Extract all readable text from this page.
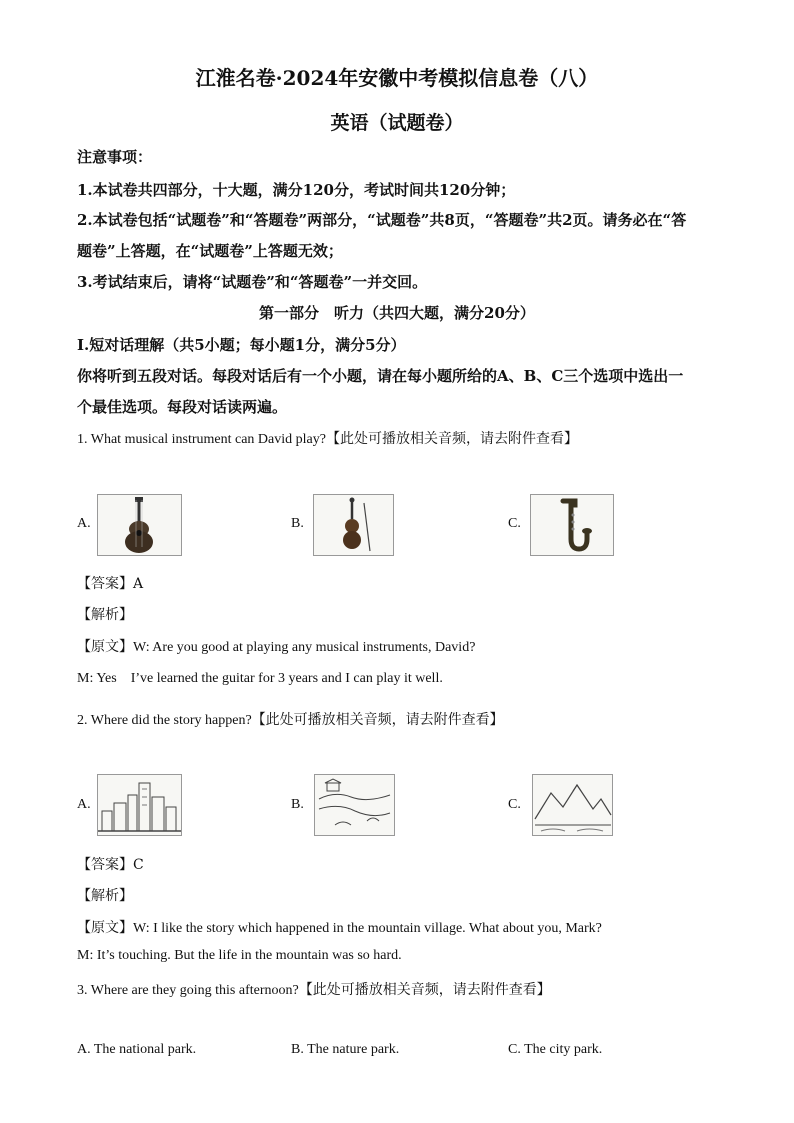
江淮名卷·2024年安徽中考模拟信息卷（八）
英语（试题卷）
注意事项：
1.本试卷共四部分，十大题，满分120分，考试时间共120分钟；
2.本试卷包括“试题卷”和“答题卷”两部分，“试题卷”共8页，“答题卷”共2页。请务必在“答
题卷”上答题，在“试题卷”上答题无效；
3.考试结束后，请将“试题卷”和“答题卷”一并交回。
第一部分　听力（共四大题，满分20分）
Ⅰ.短对话理解（共5小题；每小题1分，满分5分）
你将听到五段对话。每段对话后有一个小题，请在每小题所给的A、B、C三个选项中选出一
个最佳选项。每段对话读两遍。
1. What musical instrument can David play?【此处可播放相关音频，请去附件查看】
A.	B.	C.
【答案】A
【解析】
【原文】W: Are you good at playing any musical instruments, David?
M: Yes　I’ve learned the guitar for 3 years and I can play it well.
2. Where did the story happen?【此处可播放相关音频，请去附件查看】
A.	B.	C.
【答案】C
【解析】
【原文】W: I like the story which happened in the mountain village. What about you, Mark?
M: It’s touching. But the life in the mountain was so hard.
3. Where are they going this afternoon?【此处可播放相关音频，请去附件查看】
A. The national park.	B. The nature park.	C. The city park.
